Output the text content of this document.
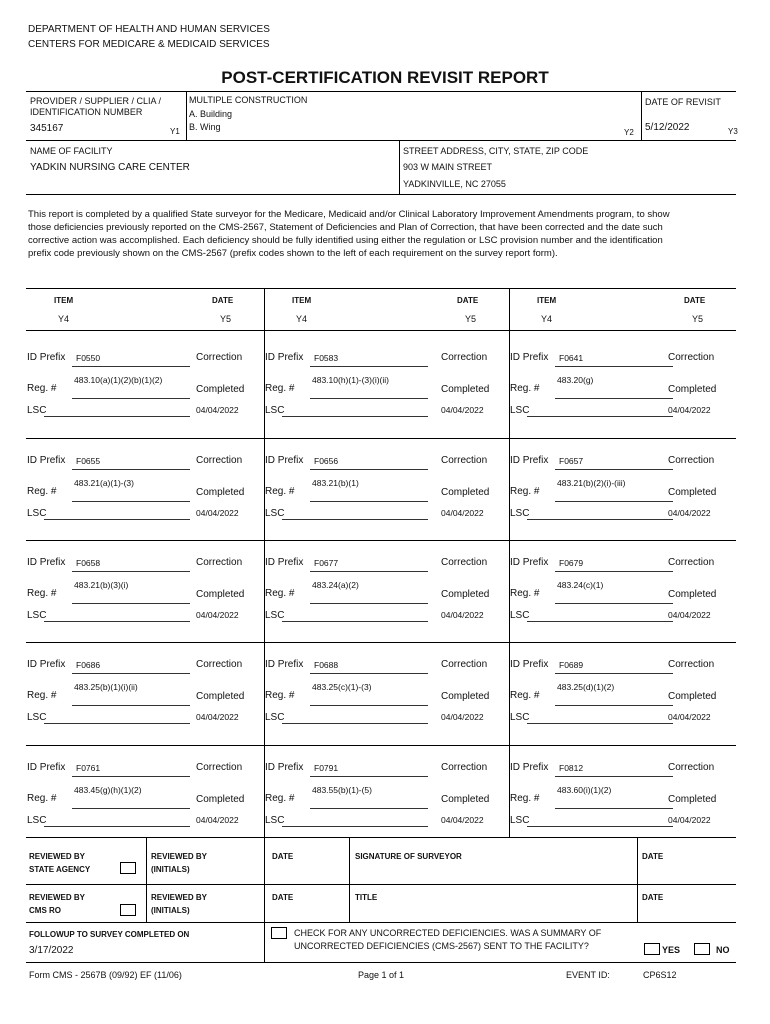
DEPARTMENT OF HEALTH AND HUMAN SERVICES
CENTERS FOR MEDICARE & MEDICAID SERVICES
POST-CERTIFICATION REVISIT REPORT
PROVIDER / SUPPLIER / CLIA /
IDENTIFICATION NUMBER
345167	Y1
MULTIPLE CONSTRUCTION
A. Building
B. Wing
Y2
DATE OF REVISIT
5/12/2022	Y3
NAME OF FACILITY
YADKIN NURSING CARE CENTER
STREET ADDRESS, CITY, STATE, ZIP CODE
903 W MAIN STREET
YADKINVILLE, NC 27055
This report is completed by a qualified State surveyor for the Medicare, Medicaid and/or Clinical Laboratory Improvement Amendments program, to show those deficiencies previously reported on the CMS-2567, Statement of Deficiencies and Plan of Correction, that have been corrected and the date such corrective action was accomplished. Each deficiency should be fully identified using either the regulation or LSC provision number and the identification prefix code previously shown on the CMS-2567 (prefix codes shown to the left of each requirement on the survey report form).
ITEM	DATE
Y4	Y5
ITEM	DATE
Y4	Y5
ITEM	DATE
Y4	Y5
ID Prefix F0550	Correction
Reg. #
483.10(a)(1)(2)(b)(1)(2)
Completed
LSC	04/04/2022
ID Prefix F0583	Correction
Reg. #
483.10(h)(1)-(3)(i)(ii)
Completed
LSC	04/04/2022
ID Prefix F0641	Correction
Reg. #
483.20(g)
Completed
LSC	04/04/2022
ID Prefix F0655	Correction
Reg. #
483.21(a)(1)-(3)
Completed
LSC	04/04/2022
ID Prefix F0656	Correction
Reg. #
483.21(b)(1)
Completed
LSC	04/04/2022
ID Prefix F0657	Correction
Reg. #
483.21(b)(2)(i)-(iii)
Completed
LSC	04/04/2022
ID Prefix F0658	Correction
Reg. #
483.21(b)(3)(i)
Completed
LSC	04/04/2022
ID Prefix F0677	Correction
Reg. #
483.24(a)(2)
Completed
LSC	04/04/2022
ID Prefix F0679	Correction
Reg. #
483.24(c)(1)
Completed
LSC	04/04/2022
ID Prefix F0686	Correction
Reg. #
483.25(b)(1)(i)(ii)
Completed
LSC	04/04/2022
ID Prefix F0688	Correction
Reg. #
483.25(c)(1)-(3)
Completed
LSC	04/04/2022
ID Prefix F0689	Correction
Reg. #
483.25(d)(1)(2)
Completed
LSC	04/04/2022
ID Prefix F0761	Correction
Reg. #
483.45(g)(h)(1)(2)
Completed
LSC	04/04/2022
ID Prefix F0791	Correction
Reg. #
483.55(b)(1)-(5)
Completed
LSC	04/04/2022
ID Prefix F0812	Correction
Reg. #
483.60(i)(1)(2)
Completed
LSC	04/04/2022
REVIEWED BY
STATE AGENCY
REVIEWED BY
(INITIALS)
DATE	SIGNATURE OF SURVEYOR	DATE
REVIEWED BY
CMS RO
REVIEWED BY
(INITIALS)
DATE	TITLE	DATE
FOLLOWUP TO SURVEY COMPLETED ON
3/17/2022
CHECK FOR ANY UNCORRECTED DEFICIENCIES. WAS A SUMMARY OF
UNCORRECTED DEFICIENCIES (CMS-2567) SENT TO THE FACILITY?	YES	NO
Form CMS - 2567B (09/92) EF (11/06)	Page 1 of 1	EVENT ID:	CP6S12
